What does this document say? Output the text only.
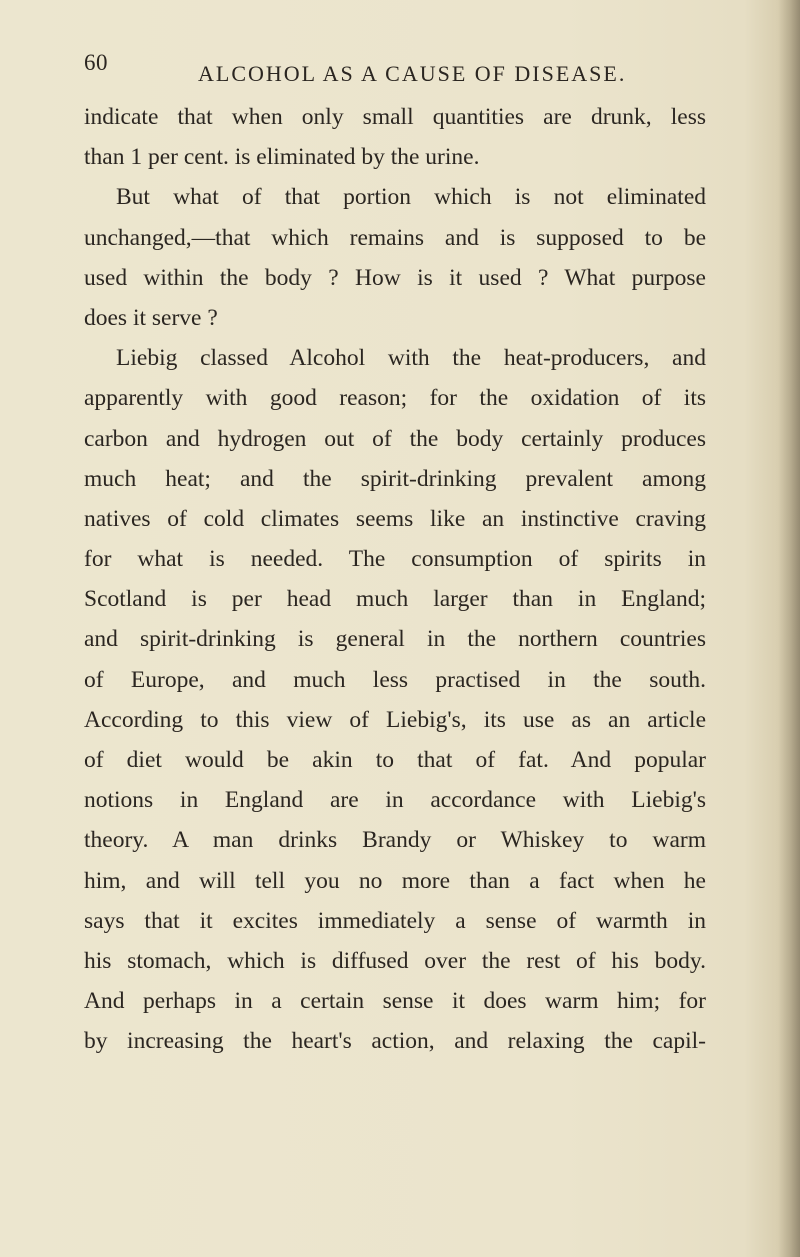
60	ALCOHOL AS A CAUSE OF DISEASE.
indicate that when only small quantities are drunk, less
than 1 per cent. is eliminated by the urine.
But what of that portion which is not eliminated
unchanged,—that which remains and is supposed to be
used within the body ? How is it used ? What purpose
does it serve ?
Liebig classed Alcohol with the heat-producers, and
apparently with good reason; for the oxidation of its
carbon and hydrogen out of the body certainly produces
much heat; and the spirit-drinking prevalent among
natives of cold climates seems like an instinctive craving
for what is needed. The consumption of spirits in
Scotland is per head much larger than in England;
and spirit-drinking is general in the northern countries
of Europe, and much less practised in the south.
According to this view of Liebig's, its use as an article
of diet would be akin to that of fat. And popular
notions in England are in accordance with Liebig's
theory. A man drinks Brandy or Whiskey to warm
him, and will tell you no more than a fact when he
says that it excites immediately a sense of warmth in
his stomach, which is diffused over the rest of his body.
And perhaps in a certain sense it does warm him; for
by increasing the heart's action, and relaxing the capil-
